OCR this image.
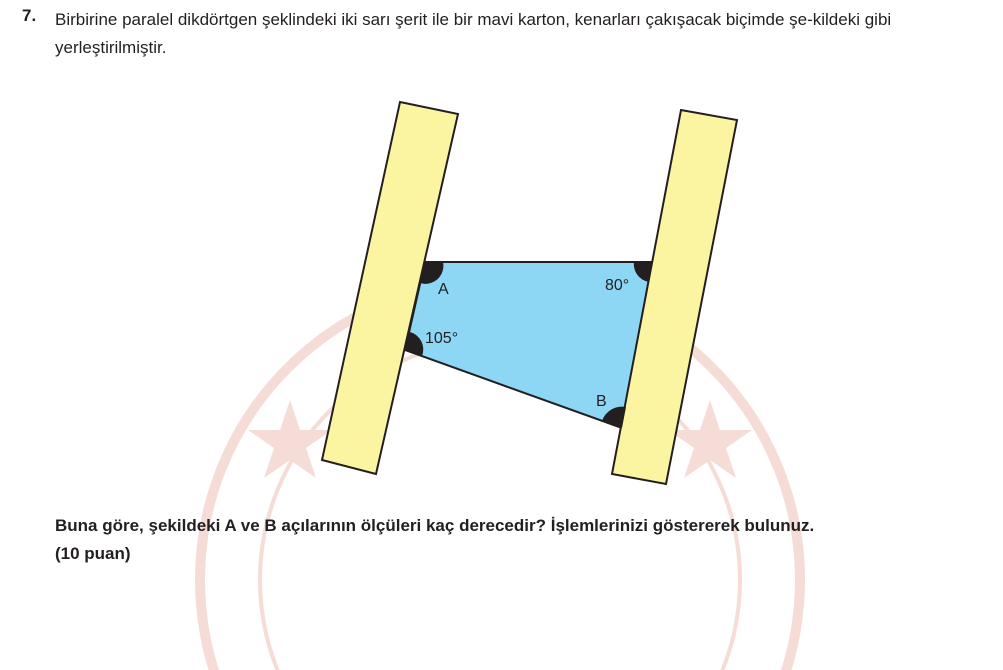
7. Birbirine paralel dikdörtgen şeklindeki iki sarı şerit ile bir mavi karton, kenarları çakışacak biçimde şe-kildeki gibi yerleştirilmiştir.
A	80°
105°
B
Buna göre, şekildeki A ve B açılarının ölçüleri kaç derecedir? İşlemlerinizi göstererek bulunuz.
(10 puan)
